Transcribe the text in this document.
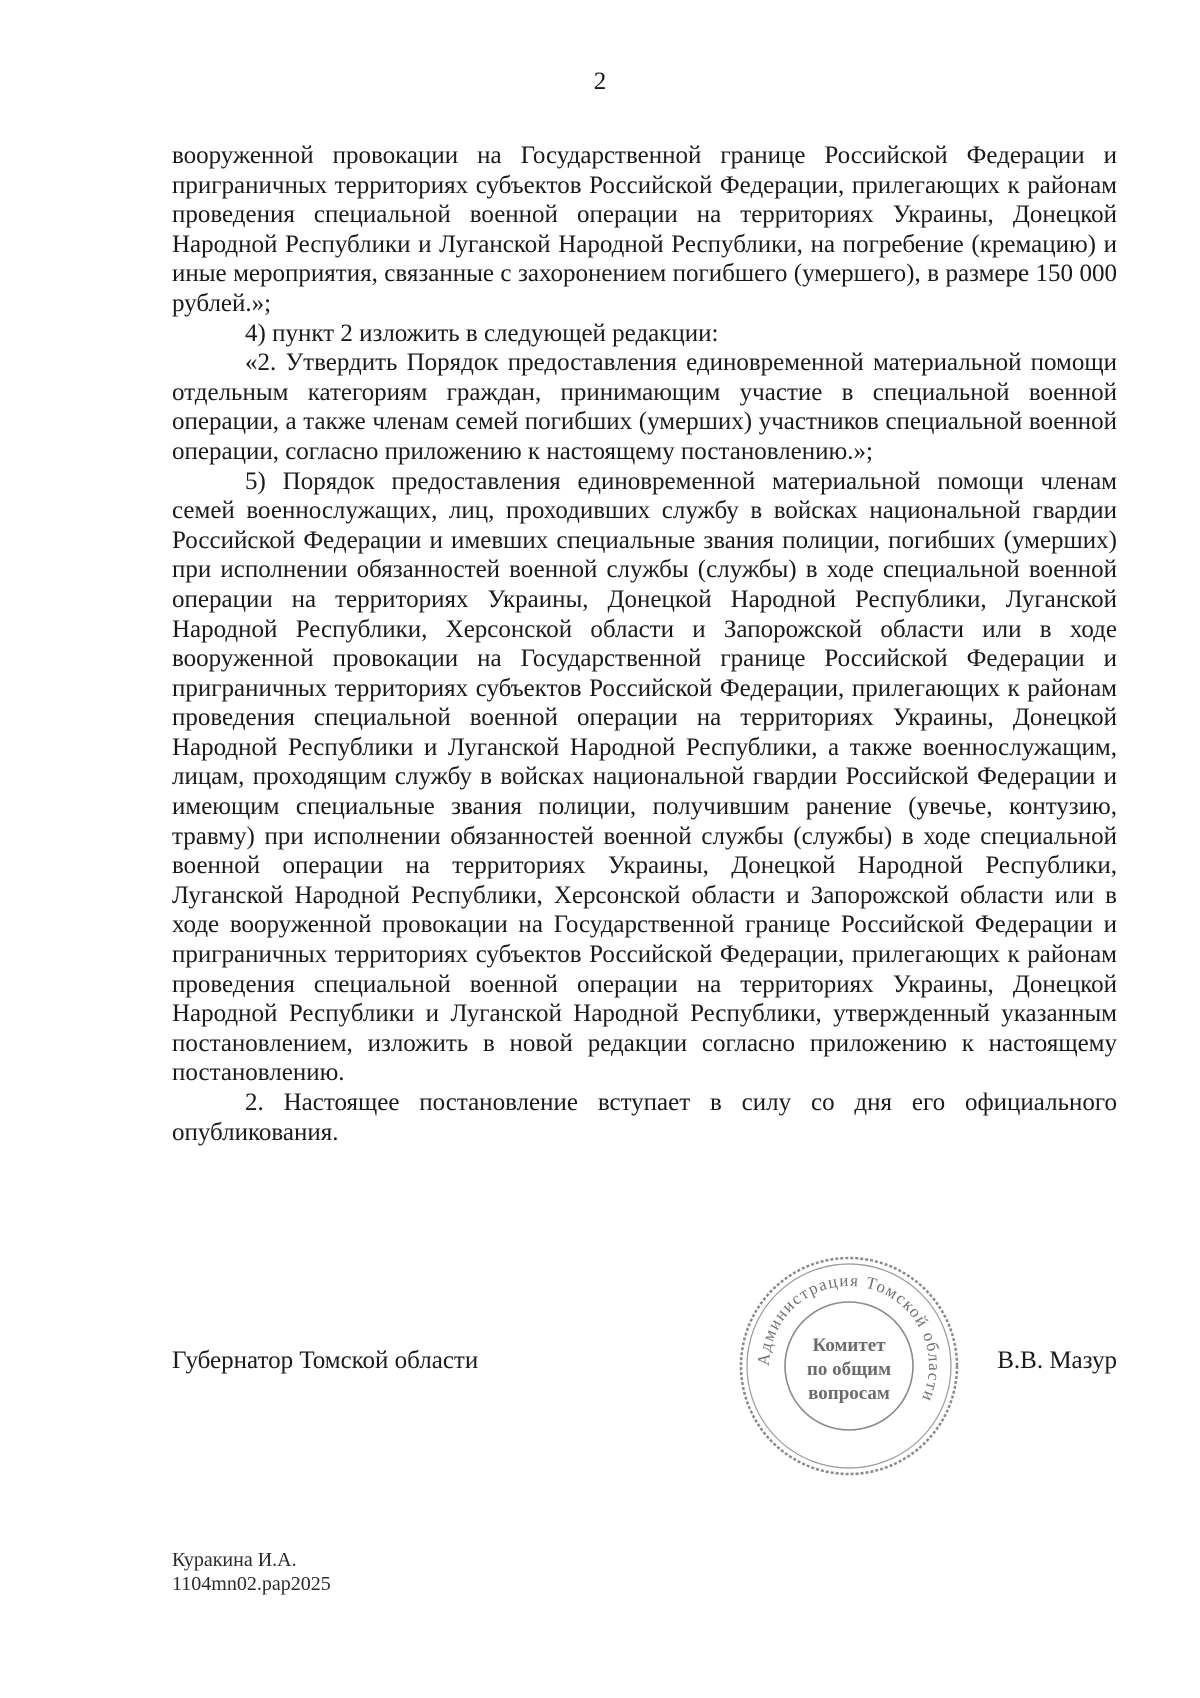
2

вооруженной провокации на Государственной границе Российской Федерации и приграничных территориях субъектов Российской Федерации, прилегающих к районам проведения специальной военной операции на территориях Украины, Донецкой Народной Республики и Луганской Народной Республики, на погребение (кремацию) и иные мероприятия, связанные с захоронением погибшего (умершего), в размере 150 000 рублей.»;

4) пункт 2 изложить в следующей редакции:

«2. Утвердить Порядок предоставления единовременной материальной помощи отдельным категориям граждан, принимающим участие в специальной военной операции, а также членам семей погибших (умерших) участников специальной военной операции, согласно приложению к настоящему постановлению.»;

5) Порядок предоставления единовременной материальной помощи членам семей военнослужащих, лиц, проходивших службу в войсках национальной гвардии Российской Федерации и имевших специальные звания полиции, погибших (умерших) при исполнении обязанностей военной службы (службы) в ходе специальной военной операции на территориях Украины, Донецкой Народной Республики, Луганской Народной Республики, Херсонской области и Запорожской области или в ходе вооруженной провокации на Государственной границе Российской Федерации и приграничных территориях субъектов Российской Федерации, прилегающих к районам проведения специальной военной операции на территориях Украины, Донецкой Народной Республики и Луганской Народной Республики, а также военнослужащим, лицам, проходящим службу в войсках национальной гвардии Российской Федерации и имеющим специальные звания полиции, получившим ранение (увечье, контузию, травму) при исполнении обязанностей военной службы (службы) в ходе специальной военной операции на территориях Украины, Донецкой Народной Республики, Луганской Народной Республики, Херсонской области и Запорожской области или в ходе вооруженной провокации на Государственной границе Российской Федерации и приграничных территориях субъектов Российской Федерации, прилегающих к районам проведения специальной военной операции на территориях Украины, Донецкой Народной Республики и Луганской Народной Республики, утвержденный указанным постановлением, изложить в новой редакции согласно приложению к настоящему постановлению.

2. Настоящее постановление вступает в силу со дня его официального опубликования.

Губернатор Томской области	В.В. Мазур
Администрация Томской области
Комитет
по общим
вопросам
Куракина И.А.
1104mn02.pap2025
